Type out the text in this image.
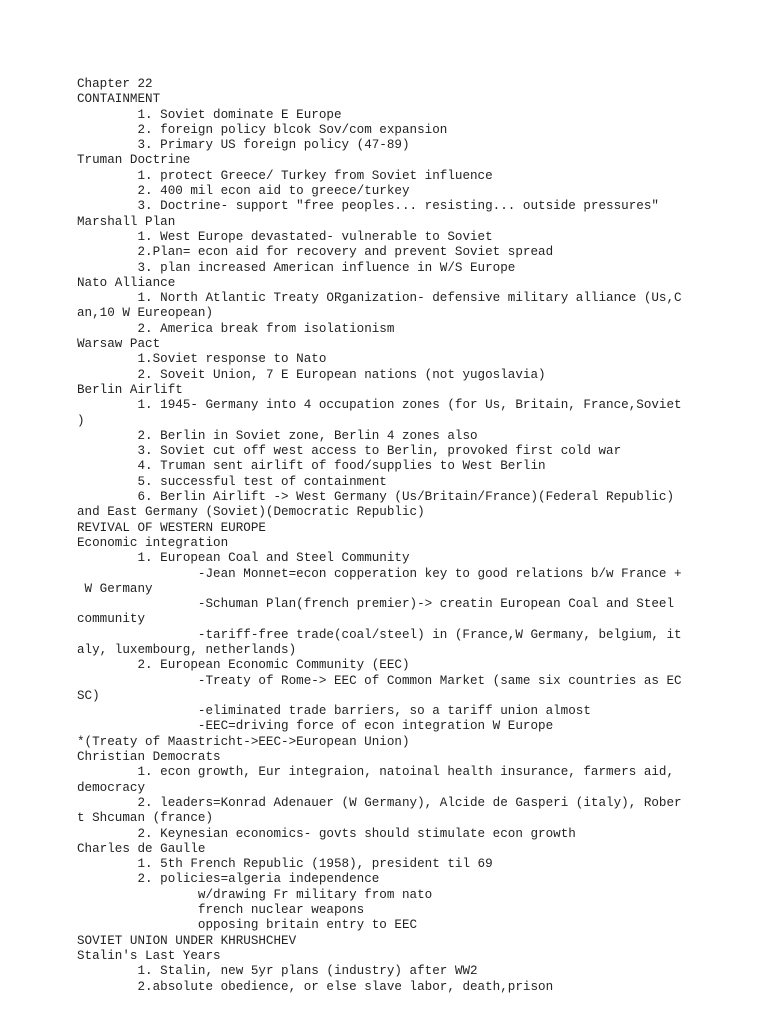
Chapter 22
CONTAINMENT
	1. Soviet dominate E Europe
	2. foreign policy blcok Sov/com expansion
	3. Primary US foreign policy (47-89)
Truman Doctrine
	1. protect Greece/ Turkey from Soviet influence
	2. 400 mil econ aid to greece/turkey
	3. Doctrine- support "free peoples... resisting... outside pressures"
Marshall Plan
	1. West Europe devastated- vulnerable to Soviet
	2.Plan= econ aid for recovery and prevent Soviet spread
	3. plan increased American influence in W/S Europe
Nato Alliance
	1. North Atlantic Treaty ORganization- defensive military alliance (Us,C
an,10 W Eureopean)
	2. America break from isolationism
Warsaw Pact
	1.Soviet response to Nato
	2. Soveit Union, 7 E European nations (not yugoslavia)
Berlin Airlift
	1. 1945- Germany into 4 occupation zones (for Us, Britain, France,Soviet
)
	2. Berlin in Soviet zone, Berlin 4 zones also
	3. Soviet cut off west access to Berlin, provoked first cold war
	4. Truman sent airlift of food/supplies to West Berlin
	5. successful test of containment
	6. Berlin Airlift -> West Germany (Us/Britain/France)(Federal Republic)
and East Germany (Soviet)(Democratic Republic)
REVIVAL OF WESTERN EUROPE
Economic integration
	1. European Coal and Steel Community
		-Jean Monnet=econ copperation key to good relations b/w France +
W Germany
		-Schuman Plan(french premier)-> creatin European Coal and Steel
community
		-tariff-free trade(coal/steel) in (France,W Germany, belgium, it
aly, luxembourg, netherlands)
	2. European Economic Community (EEC)
		-Treaty of Rome-> EEC of Common Market (same six countries as EC
SC)
		-eliminated trade barriers, so a tariff union almost
		-EEC=driving force of econ integration W Europe
*(Treaty of Maastricht->EEC->European Union)
Christian Democrats
	1. econ growth, Eur integraion, natoinal health insurance, farmers aid,
democracy
	2. leaders=Konrad Adenauer (W Germany), Alcide de Gasperi (italy), Rober
t Shcuman (france)
	2. Keynesian economics- govts should stimulate econ growth
Charles de Gaulle
	1. 5th French Republic (1958), president til 69
	2. policies=algeria independence
		w/drawing Fr military from nato
		french nuclear weapons
		opposing britain entry to EEC
SOVIET UNION UNDER KHRUSHCHEV
Stalin's Last Years
	1. Stalin, new 5yr plans (industry) after WW2
	2.absolute obedience, or else slave labor, death,prison
